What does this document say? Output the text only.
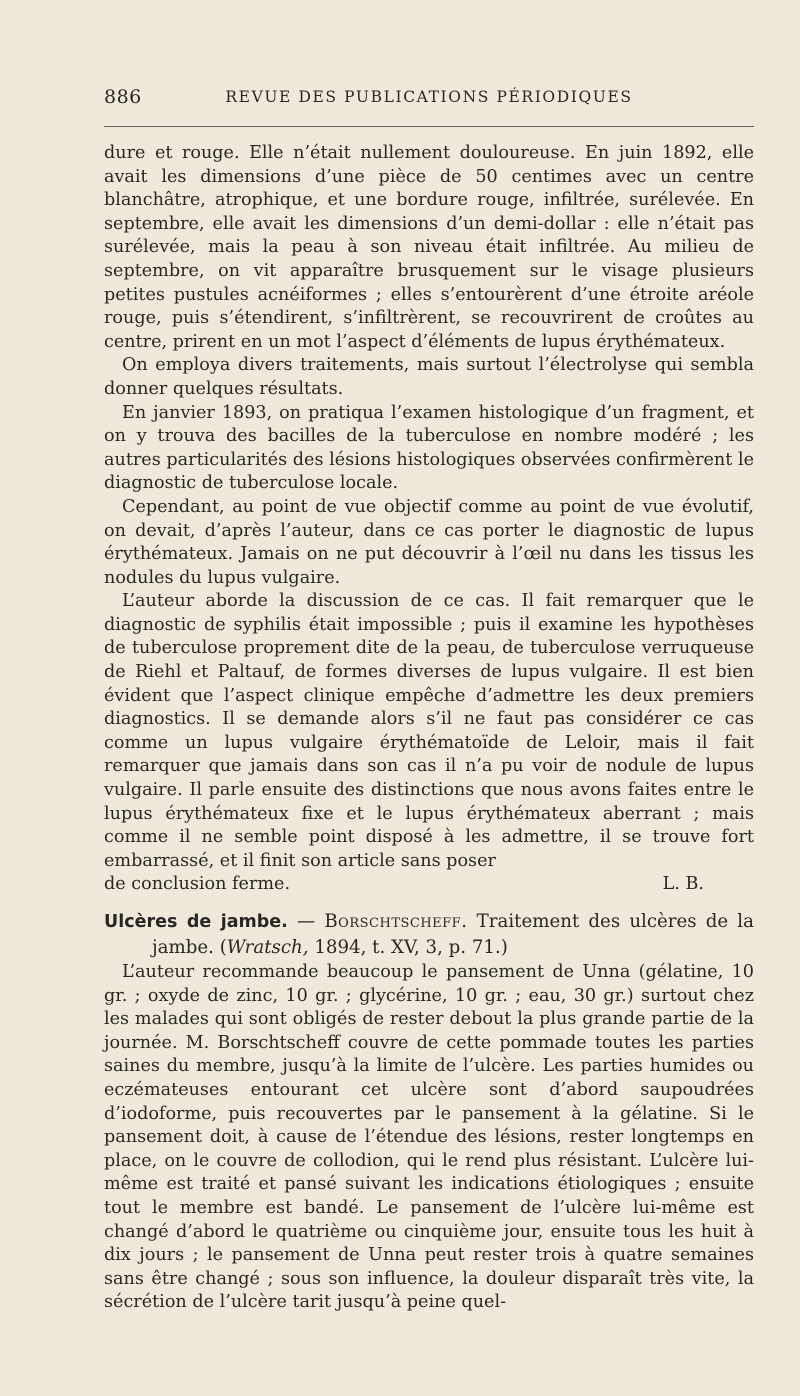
886	REVUE DES PUBLICATIONS PÉRIODIQUES

dure et rouge. Elle n’était nullement douloureuse. En juin 1892, elle avait les dimensions d’une pièce de 50 centimes avec un centre blanchâtre, atrophique, et une bordure rouge, infiltrée, surélevée. En septembre, elle avait les dimensions d’un demi-dollar : elle n’était pas surélevée, mais la peau à son niveau était infiltrée. Au milieu de septembre, on vit apparaître brusquement sur le visage plusieurs petites pustules acnéiformes ; elles s’entourèrent d’une étroite aréole rouge, puis s’étendirent, s’infiltrèrent, se recouvrirent de croûtes au centre, prirent en un mot l’aspect d’éléments de lupus érythémateux.

On employa divers traitements, mais surtout l’électrolyse qui sembla donner quelques résultats.

En janvier 1893, on pratiqua l’examen histologique d’un fragment, et on y trouva des bacilles de la tuberculose en nombre modéré ; les autres particularités des lésions histologiques observées confirmèrent le diagnostic de tuberculose locale.

Cependant, au point de vue objectif comme au point de vue évolutif, on devait, d’après l’auteur, dans ce cas porter le diagnostic de lupus érythémateux. Jamais on ne put découvrir à l’œil nu dans les tissus les nodules du lupus vulgaire.

L’auteur aborde la discussion de ce cas. Il fait remarquer que le diagnostic de syphilis était impossible ; puis il examine les hypothèses de tuberculose proprement dite de la peau, de tuberculose verruqueuse de Riehl et Paltauf, de formes diverses de lupus vulgaire. Il est bien évident que l’aspect clinique empêche d’admettre les deux premiers diagnostics. Il se demande alors s’il ne faut pas considérer ce cas comme un lupus vulgaire érythématoïde de Leloir, mais il fait remarquer que jamais dans son cas il n’a pu voir de nodule de lupus vulgaire. Il parle ensuite des distinctions que nous avons faites entre le lupus érythémateux fixe et le lupus érythémateux aberrant ; mais comme il ne semble point disposé à les admettre, il se trouve fort embarrassé, et il finit son article sans poser

de conclusion ferme.	L. B.
Ulcères de jambe. — Borschtscheff. Traitement des ulcères de la jambe. (Wratsch, 1894, t. XV, 3, p. 71.)

L’auteur recommande beaucoup le pansement de Unna (gélatine, 10 gr. ; oxyde de zinc, 10 gr. ; glycérine, 10 gr. ; eau, 30 gr.) surtout chez les malades qui sont obligés de rester debout la plus grande partie de la journée. M. Borschtscheff couvre de cette pommade toutes les parties saines du membre, jusqu’à la limite de l’ulcère. Les parties humides ou eczémateuses entourant cet ulcère sont d’abord saupoudrées d’iodoforme, puis recouvertes par le pansement à la gélatine. Si le pansement doit, à cause de l’étendue des lésions, rester longtemps en place, on le couvre de collodion, qui le rend plus résistant. L’ulcère lui-même est traité et pansé suivant les indications étiologiques ; ensuite tout le membre est bandé. Le pansement de l’ulcère lui-même est changé d’abord le quatrième ou cinquième jour, ensuite tous les huit à dix jours ; le pansement de Unna peut rester trois à quatre semaines sans être changé ; sous son influence, la douleur disparaît très vite, la sécrétion de l’ulcère tarit jusqu’à peine quel-
